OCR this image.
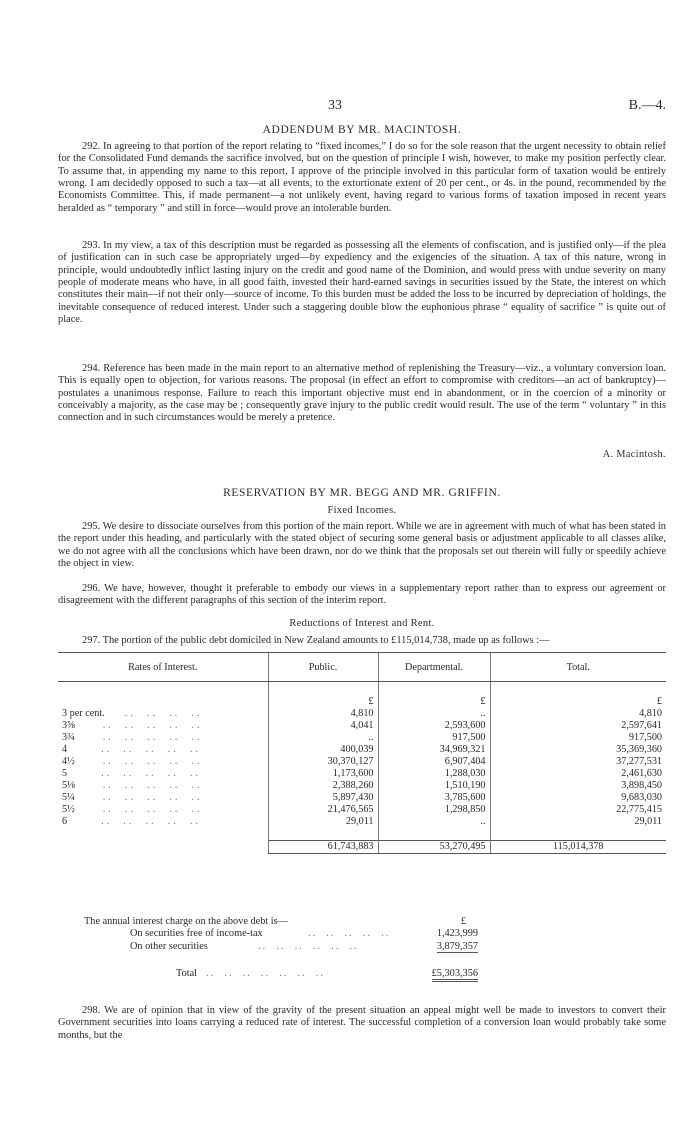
33	B.—4.
ADDENDUM BY MR. MACINTOSH.

292. In agreeing to that portion of the report relating to “fixed incomes,” I do so for the sole reason that the urgent necessity to obtain relief for the Consolidated Fund demands the sacrifice involved, but on the question of principle I wish, however, to make my position perfectly clear. To assume that, in appending my name to this report, I approve of the principle involved in this particular form of taxation would be entirely wrong. I am decidedly opposed to such a tax—at all events, to the extortionate extent of 20 per cent., or 4s. in the pound, recommended by the Economists Committee. This, if made permanent—a not unlikely event, having regard to various forms of taxation imposed in recent years heralded as “ temporary ” and still in force—would prove an intolerable burden.

293. In my view, a tax of this description must be regarded as possessing all the elements of confiscation, and is justified only—if the plea of justification can in such case be appropriately urged—by expediency and the exigencies of the situation. A tax of this nature, wrong in principle, would undoubtedly inflict lasting injury on the credit and good name of the Dominion, and would press with undue severity on many people of moderate means who have, in all good faith, invested their hard-earned savings in securities issued by the State, the interest on which constitutes their main—if not their only—source of income. To this burden must be added the loss to be incurred by depreciation of holdings, the inevitable consequence of reduced interest. Under such a staggering double blow the euphonious phrase “ equality of sacrifice ” is quite out of place.

294. Reference has been made in the main report to an alternative method of replenishing the Treasury—viz., a voluntary conversion loan. This is equally open to objection, for various reasons. The proposal (in effect an effort to compromise with creditors—an act of bankruptcy)—postulates a unanimous response. Failure to reach this important objective must end in abandonment, or in the coercion of a minority or conceivably a majority, as the case may be ; consequently grave injury to the public credit would result. The use of the term “ voluntary ” in this connection and in such circumstances would be merely a pretence.

A. Macintosh.
RESERVATION BY MR. BEGG AND MR. GRIFFIN.
Fixed Incomes.

295. We desire to dissociate ourselves from this portion of the main report. While we are in agreement with much of what has been stated in the report under this heading, and particularly with the stated object of securing some general basis or adjustment applicable to all classes alike, we do not agree with all the conclusions which have been drawn, nor do we think that the proposals set out therein will fully or speedily achieve the object in view.

296. We have, however, thought it preferable to embody our views in a supplementary report rather than to express our agreement or disagreement with the different paragraphs of this section of the interim report.

Reductions of Interest and Rent.

297. The portion of the public debt domiciled in New Zealand amounts to £115,014,738, made up as follows :—

Rates of Interest.	Public.	Departmental.	Total.

	£	£	£
3 per cent. ..  ..  ..  ..	4,810	..	4,810
3⅝ ..  ..  ..  ..  ..	4,041	2,593,600	2,597,641
3¾ ..  ..  ..  ..  ..	..	917,500	917,500
4 ..  ..  ..  ..  ..	400,039	34,969,321	35,369,360
4½ ..  ..  ..  ..  ..	30,370,127	6,907,404	37,277,531
5 ..  ..  ..  ..  ..	1,173,600	1,288,030	2,461,630
5⅛ ..  ..  ..  ..  ..	2,388,260	1,510,190	3,898,450
5¼ ..  ..  ..  ..  ..	5,897,430	3,785,600	9,683,030
5½ ..  ..  ..  ..  ..	21,476,565	1,298,850	22,775,415
6 ..  ..  ..  ..  ..	29,011	..	29,011

	61,743,883	53,270,495	115,014,378
The annual interest charge on the above debt is—	£
On securities free of income-tax	..  ..  ..  ..  ..	1,423,999
On other securities	..  ..  ..  ..  ..  ..	3,879,357
Total ..  ..  ..  ..  ..  ..  ..	£5,303,356

298. We are of opinion that in view of the gravity of the present situation an appeal might well be made to investors to convert their Government securities into loans carrying a reduced rate of interest. The successful completion of a conversion loan would probably take some months, but the
